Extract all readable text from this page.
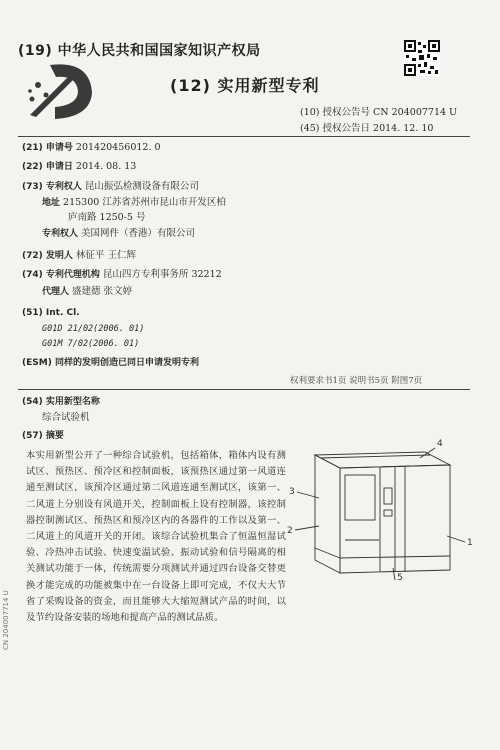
(19) 中华人民共和国国家知识产权局
(12) 实用新型专利
(10) 授权公告号 CN 204007714 U
(45) 授权公告日 2014. 12. 10
(21) 申请号 201420456012. 0
(22) 申请日 2014. 08. 13
(73) 专利权人 昆山振弘检测设备有限公司
地址 215300 江苏省苏州市昆山市开发区柏
庐南路 1250-5 号
专利权人 美国网件（香港）有限公司
(72) 发明人 林征平 王仁辉
(74) 专利代理机构 昆山四方专利事务所 32212
代理人 盛建德 张文婷
(51) Int. Cl.
G01D 21/02(2006. 01)
G01M 7/02(2006. 01)
(ESM) 同样的发明创造已同日申请发明专利
权利要求书1页 说明书5页 附图7页
(54) 实用新型名称
综合试验机
(57) 摘要
本实用新型公开了一种综合试验机，包括箱体，箱体内设有测试区、预热区、预冷区和控制面板，该预热区通过第一风道连通至测试区，该预冷区通过第二风道连通至测试区，该第一、二风道上分别设有风道开关，控制面板上设有控制器，该控制器控制测试区、预热区和预冷区内的各器件的工作以及第一、二风道上的风道开关的开闭。该综合试验机集合了恒温恒湿试验、冷热冲击试验、快速变温试验、振动试验和信号隔离的相关测试功能于一体，传统需要分项测试并通过四台设备交替更换才能完成的功能被集中在一台设备上即可完成，不仅大大节省了采购设备的资金，而且能够大大缩短测试产品的时间，以及节约设备安装的场地和提高产品的测试品质。
4
3
2
1
5
CN 204007714 U
